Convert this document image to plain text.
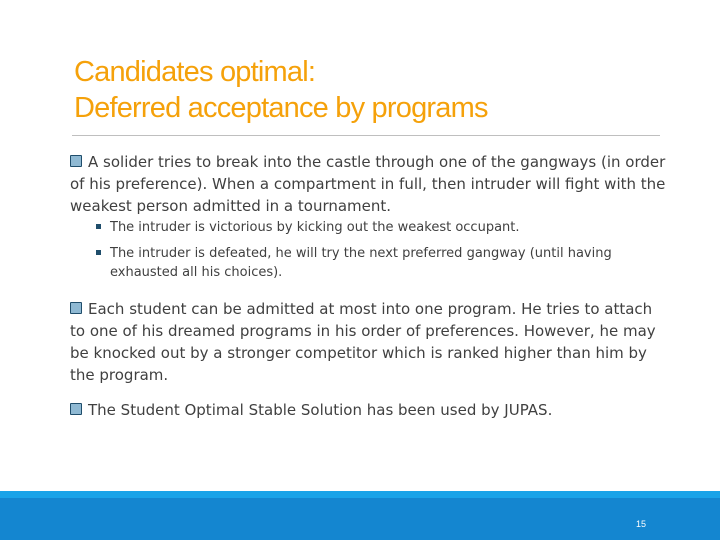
Candidates optimal:
Deferred acceptance by programs
A solider tries to break into the castle through one of the gangways (in order of his preference). When a compartment in full, then intruder will fight with the weakest person admitted in a tournament.
The intruder is victorious by kicking out the weakest occupant.
The intruder is defeated, he will try the next preferred gangway (until having exhausted all his choices).
Each student can be admitted at most into one program. He tries to attach to one of his dreamed programs in his order of preferences. However, he may be knocked out by a stronger competitor which is ranked higher than him by the program.
The Student Optimal Stable Solution has been used by JUPAS.
15
